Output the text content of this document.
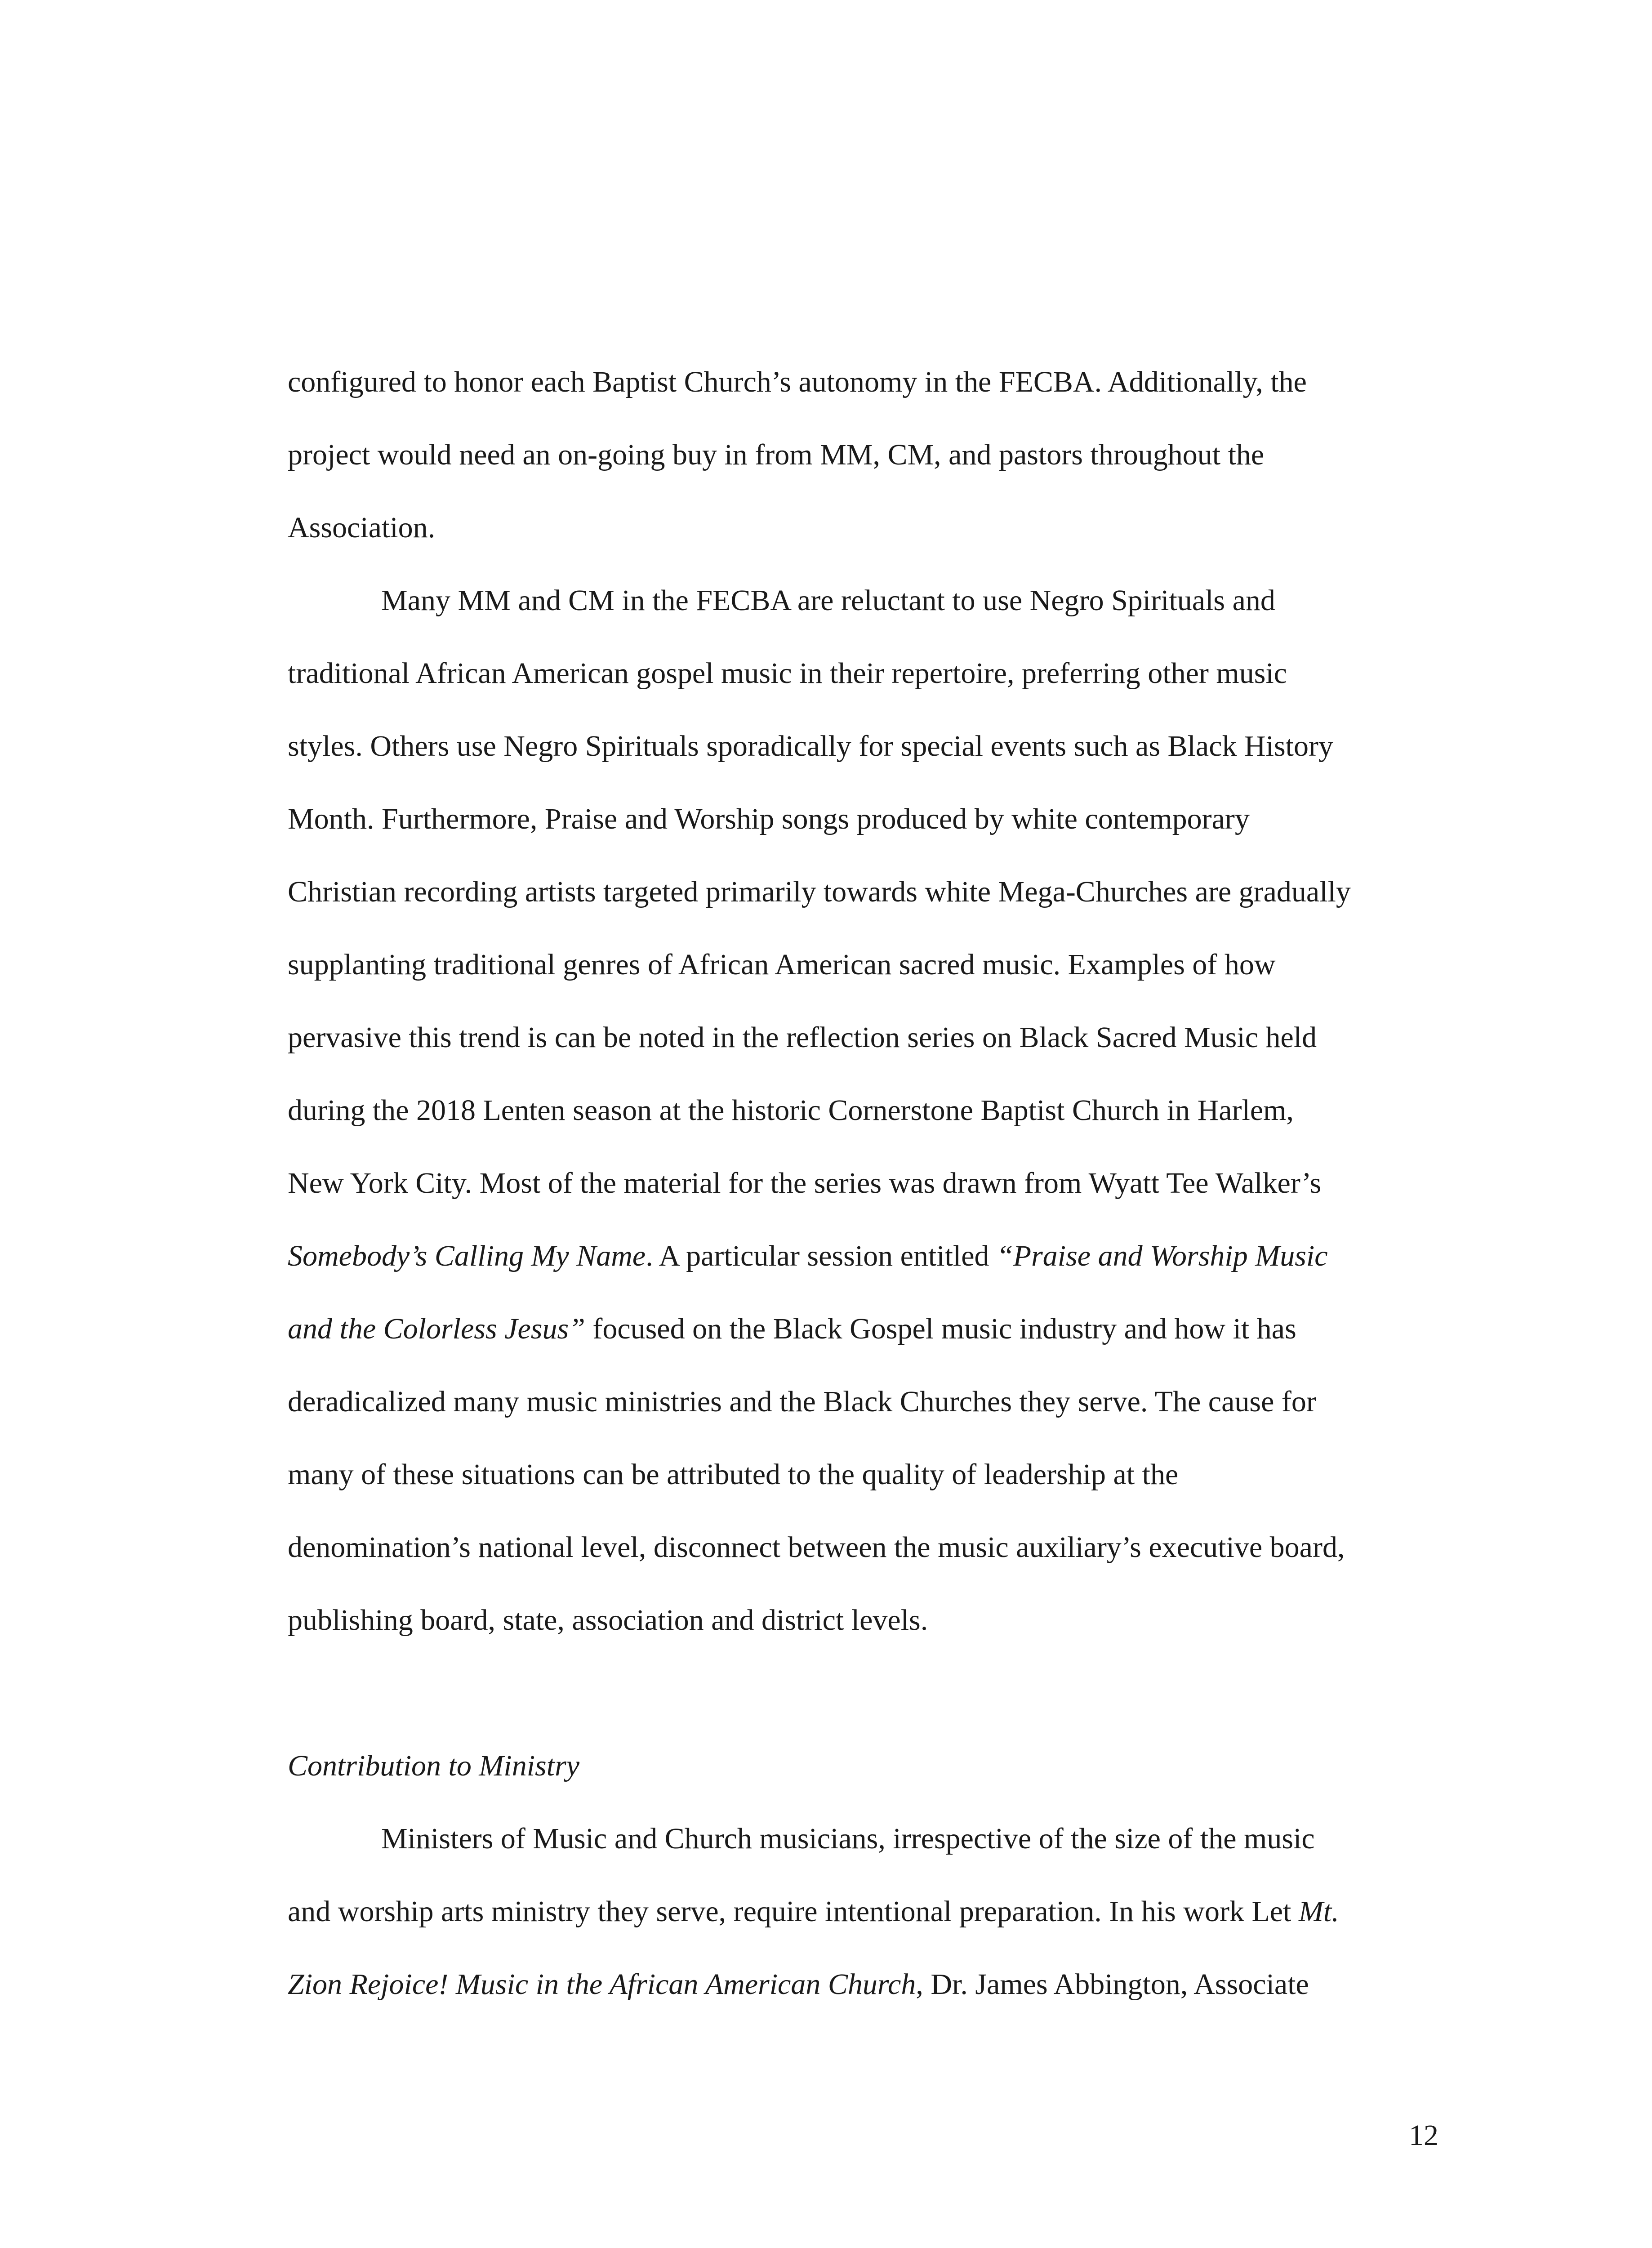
configured to honor each Baptist Church’s autonomy in the FECBA. Additionally, the
project would need an on-going buy in from MM, CM, and pastors throughout the
Association.
Many MM and CM in the FECBA are reluctant to use Negro Spirituals and
traditional African American gospel music in their repertoire, preferring other music
styles. Others use Negro Spirituals sporadically for special events such as Black History
Month. Furthermore, Praise and Worship songs produced by white contemporary
Christian recording artists targeted primarily towards white Mega-Churches are gradually
supplanting traditional genres of African American sacred music. Examples of how
pervasive this trend is can be noted in the reflection series on Black Sacred Music held
during the 2018 Lenten season at the historic Cornerstone Baptist Church in Harlem,
New York City. Most of the material for the series was drawn from Wyatt Tee Walker’s
Somebody’s Calling My Name. A particular session entitled “Praise and Worship Music
and the Colorless Jesus” focused on the Black Gospel music industry and how it has
deradicalized many music ministries and the Black Churches they serve. The cause for
many of these situations can be attributed to the quality of leadership at the
denomination’s national level, disconnect between the music auxiliary’s executive board,
publishing board, state, association and district levels.
Contribution to Ministry
Ministers of Music and Church musicians, irrespective of the size of the music
and worship arts ministry they serve, require intentional preparation. In his work Let Mt.
Zion Rejoice! Music in the African American Church, Dr. James Abbington, Associate
12
